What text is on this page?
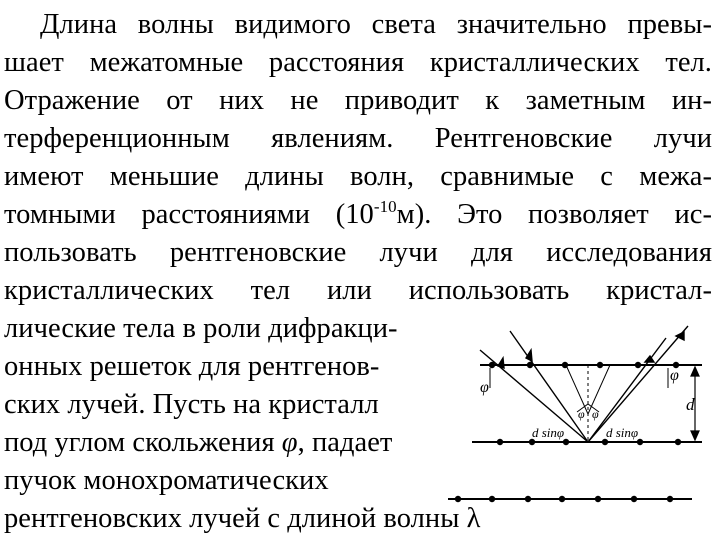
Длина волны видимого света значительно превы-
шает межатомные расстояния кристаллических тел.
Отражение от них не приводит к заметным ин-
терференционным явлениям. Рентгеновские лучи
имеют меньшие длины волн, сравнимые с межа-
томными расстояниями $(10^{-10}м)$. Это позволяет ис-
пользовать рентгеновские лучи для исследования
кристаллических тел или использовать кристал-
лические тела в роли дифракци-
онных решеток для рентгенов-
ских лучей. Пусть на кристалл
под углом скольжения φ, падает
пучок монохроматических
рентгеновских лучей с длиной волны λ
φ
φ
φ φ
d sinφ	d sinφ
d
